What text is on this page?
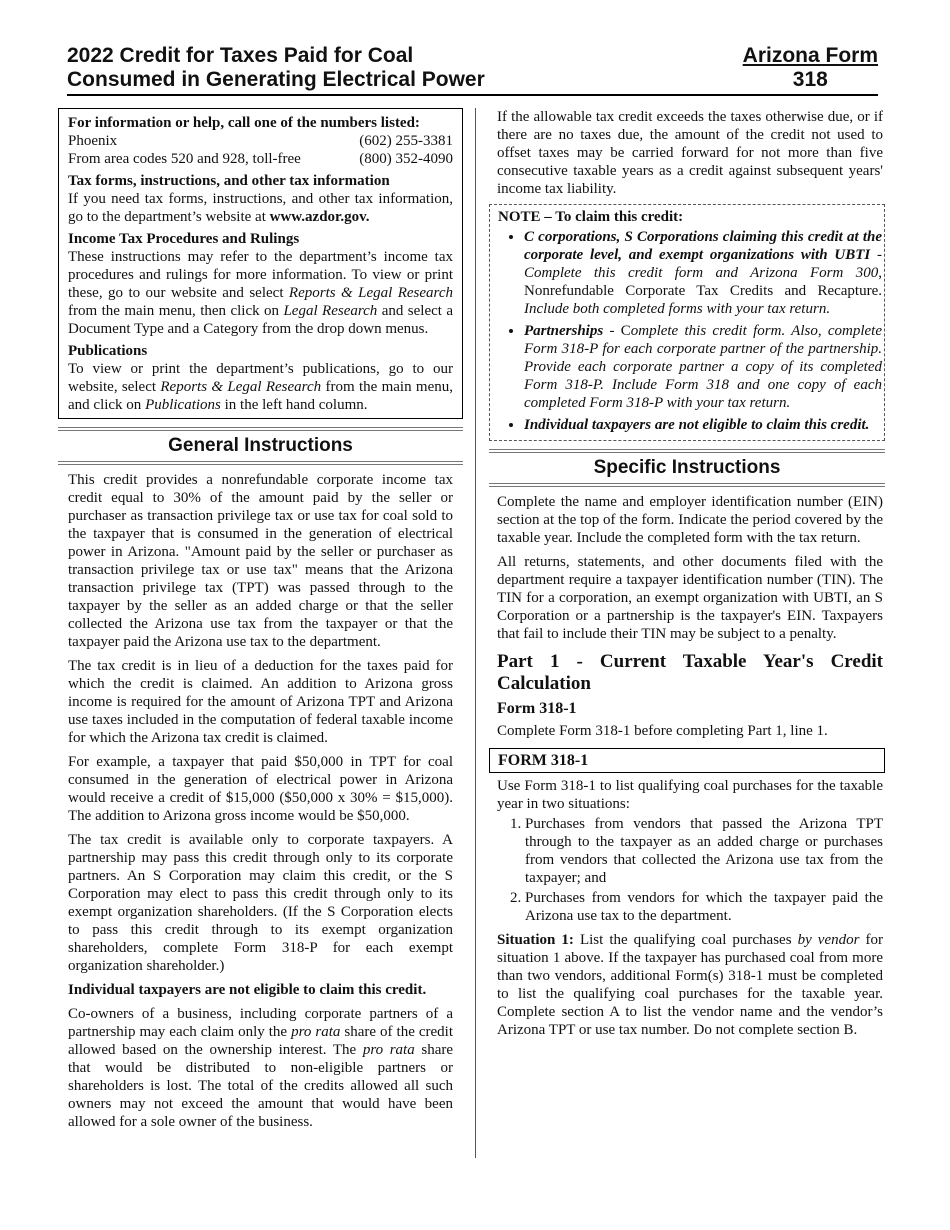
2022 Credit for Taxes Paid for Coal
Consumed in Generating Electrical Power
Arizona Form
318
For information or help, call one of the numbers listed:
Phoenix	(602) 255-3381
From area codes 520 and 928, toll-free	(800) 352-4090
Tax forms, instructions, and other tax information
If you need tax forms, instructions, and other tax information, go to the department’s website at www.azdor.gov.
Income Tax Procedures and Rulings
These instructions may refer to the department’s income tax procedures and rulings for more information. To view or print these, go to our website and select Reports & Legal Research from the main menu, then click on Legal Research and select a Document Type and a Category from the drop down menus.
Publications
To view or print the department’s publications, go to our website, select Reports & Legal Research from the main menu, and click on Publications in the left hand column.
General Instructions

This credit provides a nonrefundable corporate income tax credit equal to 30% of the amount paid by the seller or purchaser as transaction privilege tax or use tax for coal sold to the taxpayer that is consumed in the generation of electrical power in Arizona. "Amount paid by the seller or purchaser as transaction privilege tax or use tax" means that the Arizona transaction privilege tax (TPT) was passed through to the taxpayer by the seller as an added charge or that the seller collected the Arizona use tax from the taxpayer or that the taxpayer paid the Arizona use tax to the department.

The tax credit is in lieu of a deduction for the taxes paid for which the credit is claimed. An addition to Arizona gross income is required for the amount of Arizona TPT and Arizona use taxes included in the computation of federal taxable income for which the Arizona tax credit is claimed.

For example, a taxpayer that paid $50,000 in TPT for coal consumed in the generation of electrical power in Arizona would receive a credit of $15,000 ($50,000 x 30% = $15,000). The addition to Arizona gross income would be $50,000.

The tax credit is available only to corporate taxpayers. A partnership may pass this credit through only to its corporate partners. An S Corporation may claim this credit, or the S Corporation may elect to pass this credit through only to its exempt organization shareholders. (If the S Corporation elects to pass this credit through to its exempt organization shareholders, complete Form 318-P for each exempt organization shareholder.)

Individual taxpayers are not eligible to claim this credit.

Co-owners of a business, including corporate partners of a partnership may each claim only the pro rata share of the credit allowed based on the ownership interest. The pro rata share that would be distributed to non-eligible partners or shareholders is lost. The total of the credits allowed all such owners may not exceed the amount that would have been allowed for a sole owner of the business.

If the allowable tax credit exceeds the taxes otherwise due, or if there are no taxes due, the amount of the credit not used to offset taxes may be carried forward for not more than five consecutive taxable years as a credit against subsequent years' income tax liability.

NOTE – To claim this credit:
• C corporations, S Corporations claiming this credit at the corporate level, and exempt organizations with UBTI - Complete this credit form and Arizona Form 300, Nonrefundable Corporate Tax Credits and Recapture. Include both completed forms with your tax return.
• Partnerships - Complete this credit form. Also, complete Form 318-P for each corporate partner of the partnership. Provide each corporate partner a copy of its completed Form 318-P. Include Form 318 and one copy of each completed Form 318-P with your tax return.
• Individual taxpayers are not eligible to claim this credit.
Specific Instructions

Complete the name and employer identification number (EIN) section at the top of the form. Indicate the period covered by the taxable year. Include the completed form with the tax return.

All returns, statements, and other documents filed with the department require a taxpayer identification number (TIN). The TIN for a corporation, an exempt organization with UBTI, an S Corporation or a partnership is the taxpayer's EIN. Taxpayers that fail to include their TIN may be subject to a penalty.

Part 1 - Current Taxable Year's Credit Calculation
Form 318-1

Complete Form 318-1 before completing Part 1, line 1.

FORM 318-1

Use Form 318-1 to list qualifying coal purchases for the taxable year in two situations:

1. Purchases from vendors that passed the Arizona TPT through to the taxpayer as an added charge or purchases from vendors that collected the Arizona use tax from the taxpayer; and
2. Purchases from vendors for which the taxpayer paid the Arizona use tax to the department.

Situation 1: List the qualifying coal purchases by vendor for situation 1 above. If the taxpayer has purchased coal from more than two vendors, additional Form(s) 318-1 must be completed to list the qualifying coal purchases for the taxable year. Complete section A to list the vendor name and the vendor’s Arizona TPT or use tax number. Do not complete section B.
